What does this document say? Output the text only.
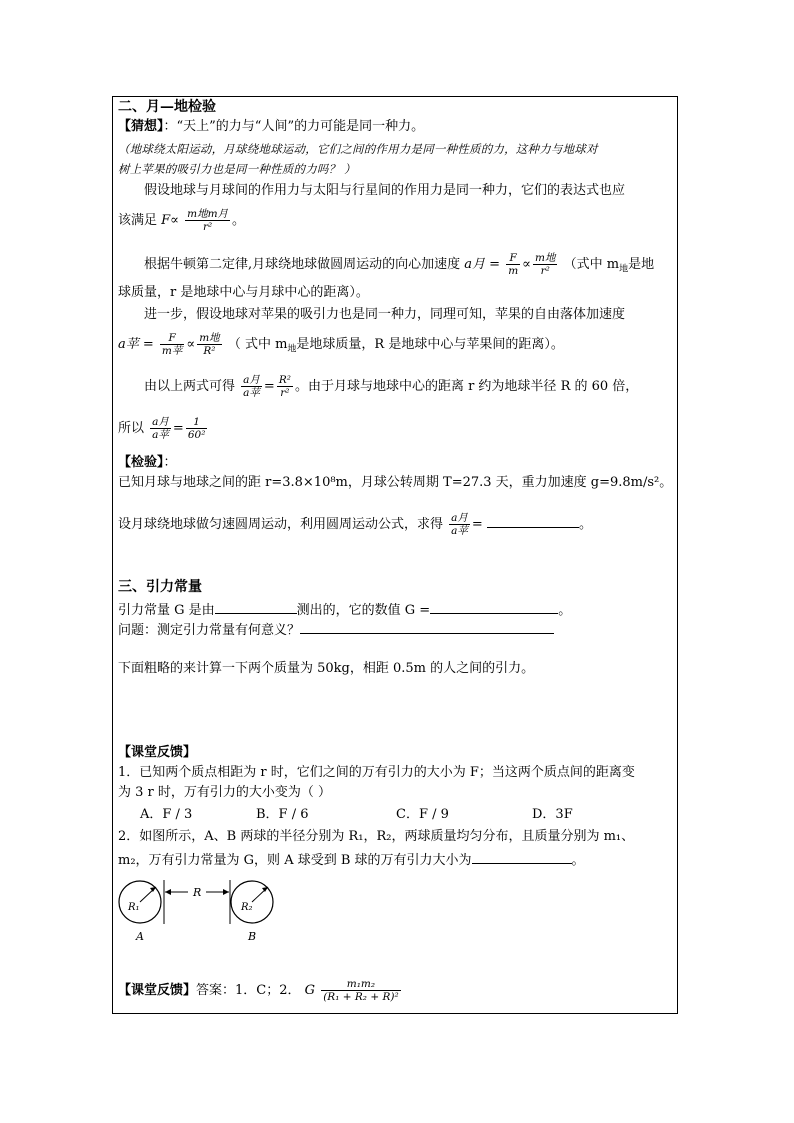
二、月—地检验
【猜想】：“天上”的力与“人间”的力可能是同一种力。
（地球绕太阳运动，月球绕地球运动，它们之间的作用力是同一种性质的力，这种力与地球对
树上苹果的吸引力也是同一种性质的力吗？ ）
假设地球与月球间的作用力与太阳与行星间的作用力是同一种力，它们的表达式也应
该满足 $F\propto \frac{\text{m地m月}}{\text{r²}}$ 。
根据牛顿第二定律,月球绕地球做圆周运动的向心加速度 a月 = $\frac{F}{m} \propto \frac{\text{m地}}{\text{r²}}$ （式中 $m_地$是地
球质量，r 是地球中心与月球中心的距离）。
进一步，假设地球对苹果的吸引力也是同一种力，同理可知，苹果的自由落体加速度
a苹 = $\frac{F}{\text{m苹}} \propto \frac{\text{m地}}{\text{R²}}$ （ 式中 $m_地$是地球质量，R 是地球中心与苹果间的距离）。
由以上两式可得 $\frac{\text{a月}}{\text{a苹}} = \frac{\text{R²}}{\text{r²}}$ 。由于月球与地球中心的距离 r 约为地球半径 R 的 60 倍，
所以 $\frac{\text{a月}}{\text{a苹}} = \frac{1}{\text{60²}}$
【检验】：
已知月球与地球之间的距 r=3.8×10⁸m，月球公转周期 T=27.3 天，重力加速度 g=9.8m/s²。
设月球绕地球做匀速圆周运动，利用圆周运动公式，求得 $\frac{\text{a月}}{\text{a苹}}$ =	。
三、引力常量
引力常量 G 是由	测出的，它的数值 G =	。
问题：测定引力常量有何意义？
下面粗略的来计算一下两个质量为 50kg，相距 0.5m 的人之间的引力。
【课堂反馈】
1．已知两个质点相距为 r 时，它们之间的万有引力的大小为 F；当这两个质点间的距离变
为 3 r 时，万有引力的大小变为（ ）
A．F / 3	B．F / 6	C．F / 9	D．3F
2．如图所示，A、B 两球的半径分别为 R₁，R₂，两球质量均匀分布，且质量分别为 m₁、
m₂，万有引力常量为 G，则 A 球受到 B 球的万有引力大小为	。
R₁
R
R₂
A	B
【课堂反馈】答案：1．C；2． G $\frac{\text{m₁m₂}}{\text{(R₁ + R₂ + R)²}}$
